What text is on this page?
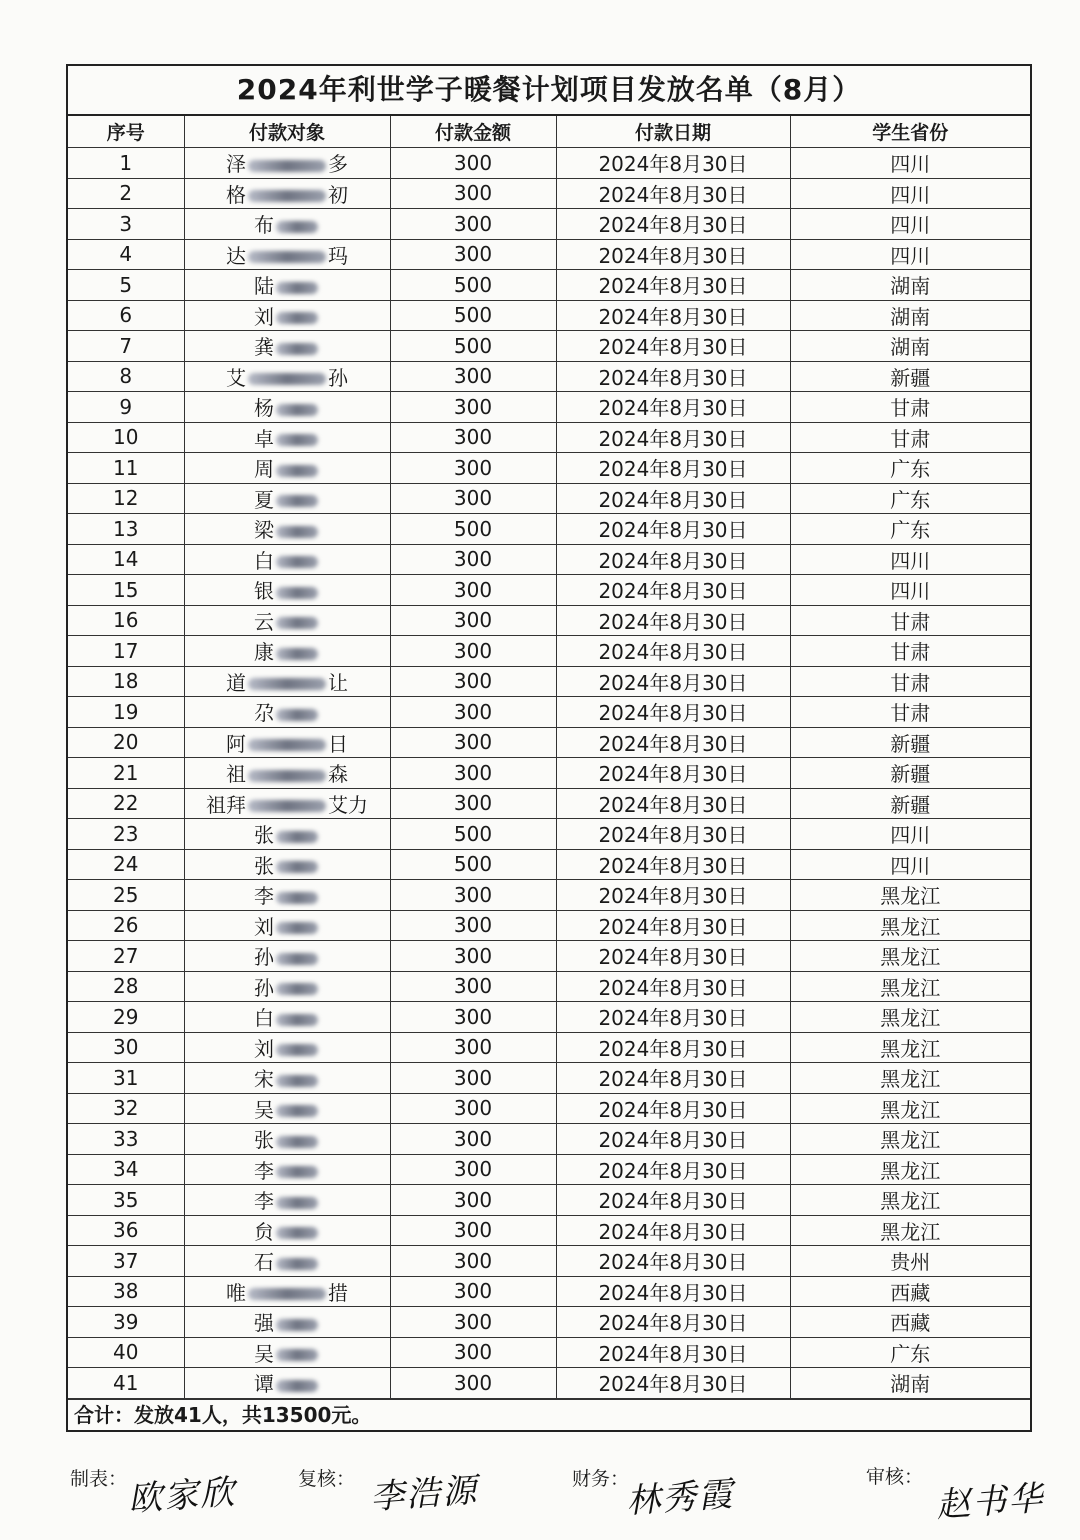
2024年利世学子暖餐计划项目发放名单（8月）
序号	付款对象	付款金额	付款日期	学生省份
1	泽 多	300	2024年8月30日	四川
2	格 初	300	2024年8月30日	四川
3	布	300	2024年8月30日	四川
4	达 玛	300	2024年8月30日	四川
5	陆	500	2024年8月30日	湖南
6	刘	500	2024年8月30日	湖南
7	龚	500	2024年8月30日	湖南
8	艾 孙	300	2024年8月30日	新疆
9	杨	300	2024年8月30日	甘肃
10	卓	300	2024年8月30日	甘肃
11	周	300	2024年8月30日	广东
12	夏	300	2024年8月30日	广东
13	梁	500	2024年8月30日	广东
14	白	300	2024年8月30日	四川
15	银	300	2024年8月30日	四川
16	云	300	2024年8月30日	甘肃
17	康	300	2024年8月30日	甘肃
18	道 让	300	2024年8月30日	甘肃
19	尕	300	2024年8月30日	甘肃
20	阿 日	300	2024年8月30日	新疆
21	祖 森	300	2024年8月30日	新疆
22	祖拜 艾力	300	2024年8月30日	新疆
23	张	500	2024年8月30日	四川
24	张	500	2024年8月30日	四川
25	李	300	2024年8月30日	黑龙江
26	刘	300	2024年8月30日	黑龙江
27	孙	300	2024年8月30日	黑龙江
28	孙	300	2024年8月30日	黑龙江
29	白	300	2024年8月30日	黑龙江
30	刘	300	2024年8月30日	黑龙江
31	宋	300	2024年8月30日	黑龙江
32	吴	300	2024年8月30日	黑龙江
33	张	300	2024年8月30日	黑龙江
34	李	300	2024年8月30日	黑龙江
35	李	300	2024年8月30日	黑龙江
36	贠	300	2024年8月30日	黑龙江
37	石	300	2024年8月30日	贵州
38	唯 措	300	2024年8月30日	西藏
39	强	300	2024年8月30日	西藏
40	吴	300	2024年8月30日	广东
41	谭	300	2024年8月30日	湖南
合计：发放41人，共13500元。
制表： 欧家欣	复核： 李浩源	财务：
林秀霞	审核：
赵书华
